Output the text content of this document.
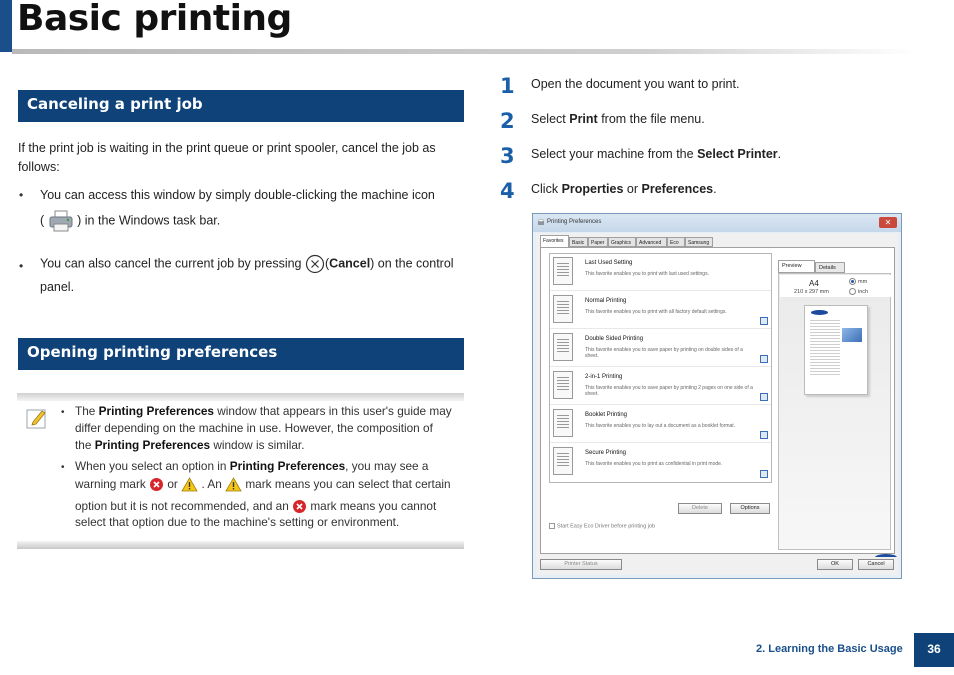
Basic printing
Canceling a print job
If the print job is waiting in the print queue or print spooler, cancel the job as
follows:
• You can access this window by simply double-clicking the machine icon
(	) in the Windows task bar.
• You can also cancel the current job by pressing (Cancel) on the control
panel.
Opening printing preferences
• The Printing Preferences window that appears in this user's guide may
differ depending on the machine in use. However, the composition of
the Printing Preferences window is similar.
• When you select an option in Printing Preferences, you may see a
warning mark or . An mark means you can select that certain
option but it is not recommended, and an mark means you cannot
select that option due to the machine's setting or environment.
1 Open the document you want to print.
2 Select Print from the file menu.
3 Select your machine from the Select Printer.
4 Click Properties or Preferences.
Printing Preferences	✕
Favorites	Basic	Paper	Graphics	Advanced	Eco	Samsung
Last Used Setting
This favorite enables you to print with last used settings.
Normal Printing
This favorite enables you to print with all factory default settings.
Double Sided Printing
This favorite enables you to save paper by printing on double sides of a sheet.
2-in-1 Printing
This favorite enables you to save paper by printing 2 pages on one side of a sheet.
Booklet Printing
This favorite enables you to lay out a document as a booklet format.
Secure Printing
This favorite enables you to print as confidential in print mode.
Delete	Options
Start Easy Eco Driver before printing job
Preview	Details
A4
210 x 297 mm
mm
inch
Printer Status	OK	Cancel
2. Learning the Basic Usage	36
